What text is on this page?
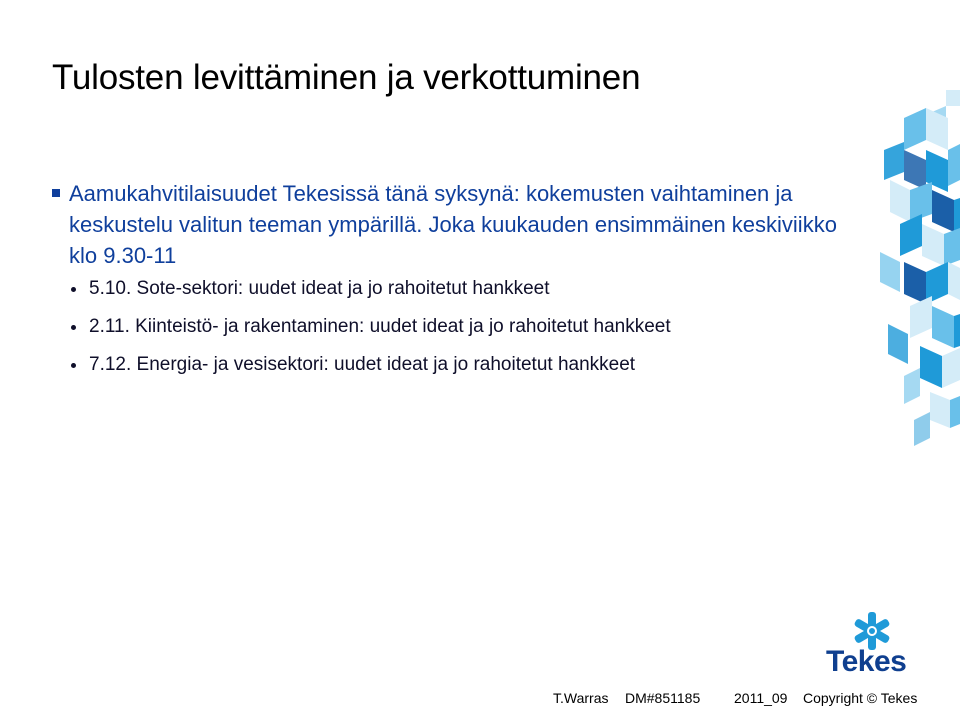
Tulosten levittäminen ja verkottuminen

Aamukahvitilaisuudet Tekesissä tänä syksynä: kokemusten vaihtaminen ja keskustelu valitun teeman ympärillä. Joka kuukauden ensimmäinen keskiviikko klo 9.30-11

5.10. Sote-sektori: uudet ideat ja jo rahoitetut hankkeet
2.11. Kiinteistö- ja rakentaminen: uudet ideat ja jo rahoitetut hankkeet
7.12. Energia- ja vesisektori: uudet ideat ja jo rahoitetut hankkeet

Tekes

T.Warras DM#851185 2011_09 Copyright © Tekes
